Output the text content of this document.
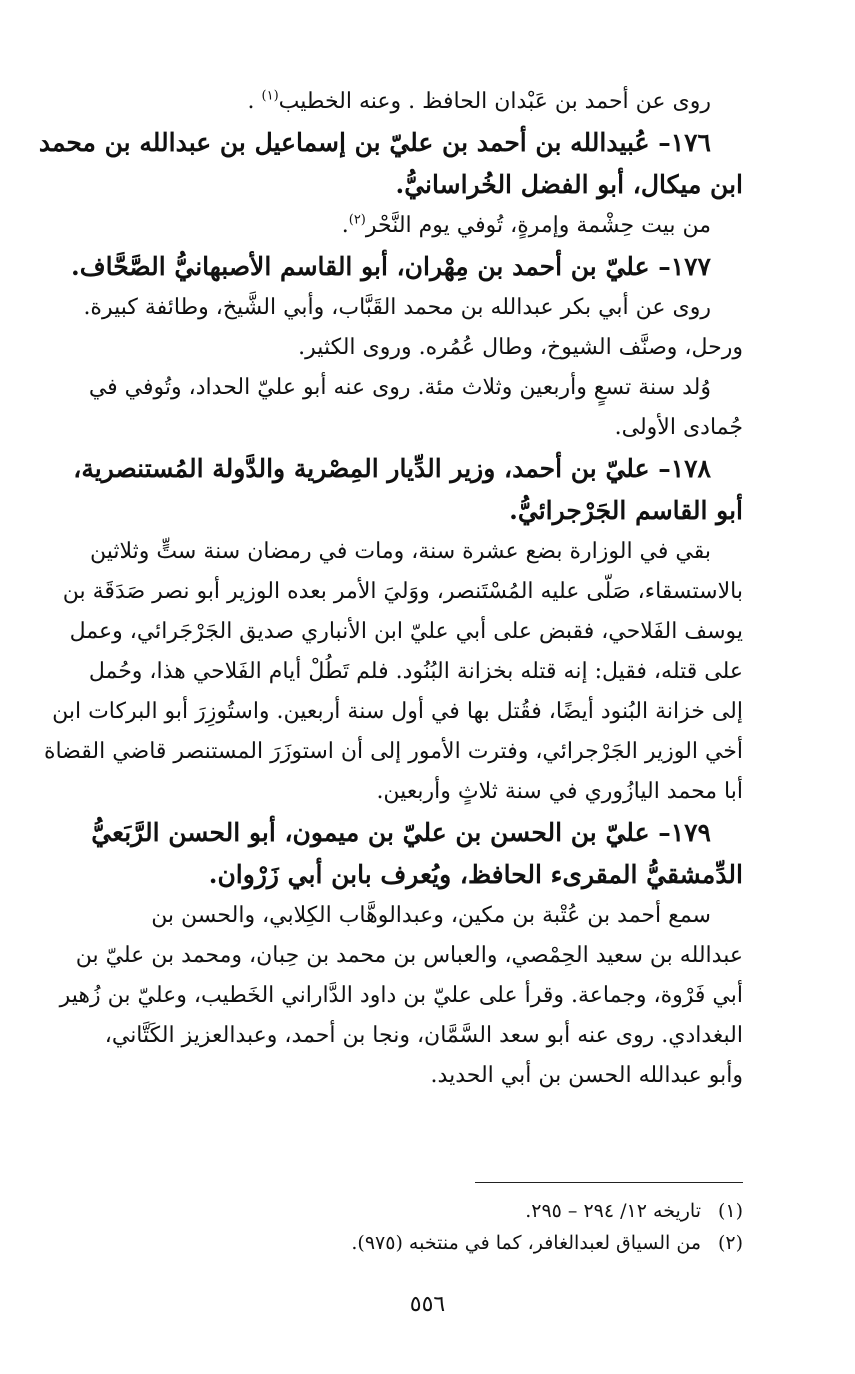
روى عن أحمد بن عَبْدان الحافظ . وعنه الخطيب$^{(١)}$ .
١٧٦– عُبيدالله بن أحمد بن عليّ بن إسماعيل بن عبدالله بن محمد
ابن ميكال، أبو الفضل الخُراسانيُّ.
من بيت حِشْمة وإمرةٍ، تُوفي يوم النَّحْر$^{(٢)}$.
١٧٧– عليّ بن أحمد بن مِهْران، أبو القاسم الأصبهانيُّ الصَّحَّاف.
روى عن أبي بكر عبدالله بن محمد القَبَّاب، وأبي الشَّيخ، وطائفة كبيرة.
ورحل، وصنَّف الشيوخ، وطال عُمُره. وروى الكثير.
وُلد سنة تسعٍ وأربعين وثلاث مئة. روى عنه أبو عليّ الحداد، وتُوفي في
جُمادى الأولى.
١٧٨– عليّ بن أحمد، وزير الدِّيار المِصْرية والدَّولة المُستنصرية،
أبو القاسم الجَرْجرائيُّ.
بقي في الوزارة بضع عشرة سنة، ومات في رمضان سنة ستٍّ وثلاثين
بالاستسقاء، صَلّى عليه المُسْتَنصر، ووَليَ الأمر بعده الوزير أبو نصر صَدَقَة بن
يوسف الفَلاحي، فقبض على أبي عليّ ابن الأنباري صديق الجَرْجَرائي، وعمل
على قتله، فقيل: إنه قتله بخزانة البُنُود. فلم تَطُلْ أيام الفَلاحي هذا، وحُمل
إلى خزانة البُنود أيضًا، فقُتل بها في أول سنة أربعين. واستُوزِرَ أبو البركات ابن
أخي الوزير الجَرْجرائي، وفترت الأمور إلى أن استوزَرَ المستنصر قاضي القضاة
أبا محمد اليازُوري في سنة ثلاثٍ وأربعين.
١٧٩– عليّ بن الحسن بن عليّ بن ميمون، أبو الحسن الرَّبَعيُّ
الدِّمشقيُّ المقرىء الحافظ، ويُعرف بابن أبي زَرْوان.
سمع أحمد بن عُتْبة بن مكين، وعبدالوهَّاب الكِلابي، والحسن بن
عبدالله بن سعيد الحِمْصي، والعباس بن محمد بن حِبان، ومحمد بن عليّ بن
أبي فَرْوة، وجماعة. وقرأ على عليّ بن داود الدَّاراني الخَطيب، وعليّ بن زُهير
البغدادي. روى عنه أبو سعد السَّمَّان، ونجا بن أحمد، وعبدالعزيز الكَتَّاني،
وأبو عبدالله الحسن بن أبي الحديد.
(١)تاريخه ١٢/ ٢٩٤ – ٢٩٥.
(٢)من السياق لعبدالغافر، كما في منتخبه (٩٧٥).
٥٥٦
